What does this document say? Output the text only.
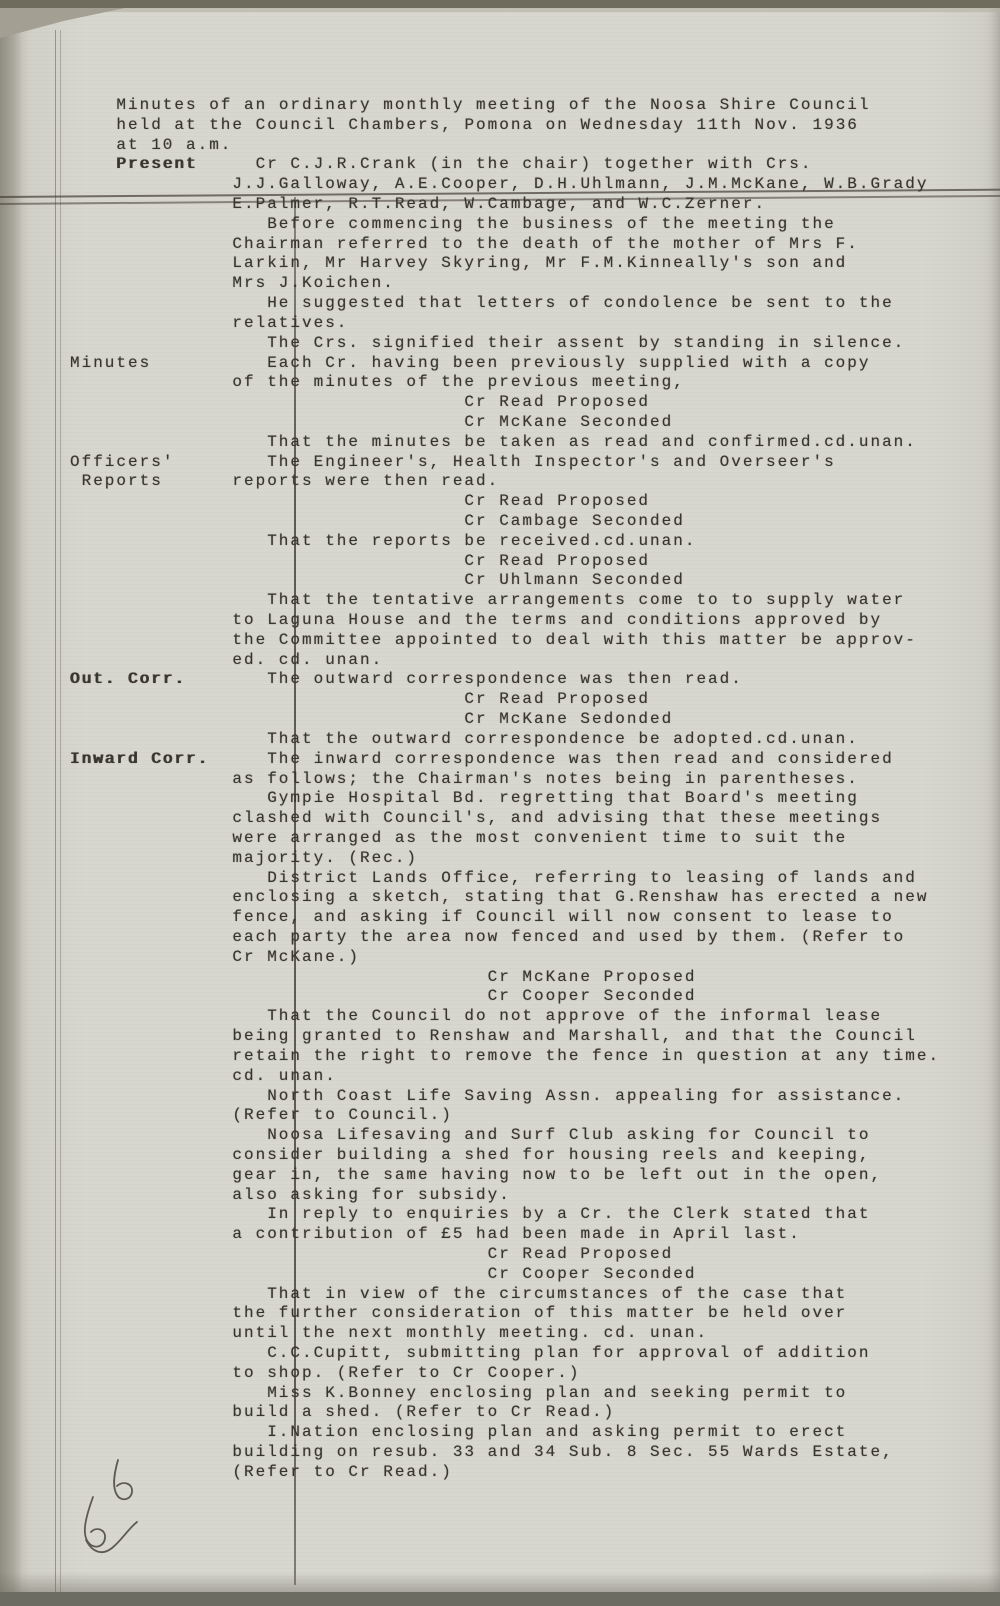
Minutes of an ordinary monthly meeting of the Noosa Shire Council
held at the Council Chambers, Pomona on Wednesday 11th Nov. 1936
at 10 a.m.
Present	Cr C.J.R.Crank (in the chair) together with Crs.
J.J.Galloway, A.E.Cooper, D.H.Uhlmann, J.M.McKane, W.B.Grady
E.Palmer, R.T.Read, W.Cambage, and W.C.Zerner.
Before commencing the business of the meeting the
Chairman referred to the death of the mother of Mrs F.
Larkin, Mr Harvey Skyring, Mr F.M.Kinneally's son and
Mrs J.Koichen.
He suggested that letters of condolence be sent to the
relatives.
The Crs. signified their assent by standing in silence.
Minutes	Each Cr. having been previously supplied with a copy
of the minutes of the previous meeting,
Cr Read Proposed
Cr McKane Seconded
That the minutes be taken as read and confirmed.cd.unan.
Officers'	The Engineer's, Health Inspector's and Overseer's
Reports	reports were then read.
Cr Read Proposed
Cr Cambage Seconded
That the reports be received.cd.unan.
Cr Read Proposed
Cr Uhlmann Seconded
That the tentative arrangements come to to supply water
to Laguna House and the terms and conditions approved by
the Committee appointed to deal with this matter be approv-
ed. cd. unan.
Out. Corr.	The outward correspondence was then read.
Cr Read Proposed
Cr McKane Sedonded
That the outward correspondence be adopted.cd.unan.
Inward Corr.	The inward correspondence was then read and considered
as follows; the Chairman's notes being in parentheses.
Gympie Hospital Bd. regretting that Board's meeting
clashed with Council's, and advising that these meetings
were arranged as the most convenient time to suit the
majority. (Rec.)
District Lands Office, referring to leasing of lands and
enclosing a sketch, stating that G.Renshaw has erected a new
fence, and asking if Council will now consent to lease to
each party the area now fenced and used by them. (Refer to
Cr McKane.)
Cr McKane Proposed
Cr Cooper Seconded
That the Council do not approve of the informal lease
being granted to Renshaw and Marshall, and that the Council
retain the right to remove the fence in question at any time.
cd. unan.
North Coast Life Saving Assn. appealing for assistance.
(Refer to Council.)
Noosa Lifesaving and Surf Club asking for Council to
consider building a shed for housing reels and keeping,
gear in, the same having now to be left out in the open,
also asking for subsidy.
In reply to enquiries by a Cr. the Clerk stated that
a contribution of £5 had been made in April last.
Cr Read Proposed
Cr Cooper Seconded
That in view of the circumstances of the case that
the further consideration of this matter be held over
until the next monthly meeting. cd. unan.
C.C.Cupitt, submitting plan for approval of addition
to shop. (Refer to Cr Cooper.)
Miss K.Bonney enclosing plan and seeking permit to
build a shed. (Refer to Cr Read.)
I.Nation enclosing plan and asking permit to erect
building on resub. 33 and 34 Sub. 8 Sec. 55 Wards Estate,
(Refer to Cr Read.)
